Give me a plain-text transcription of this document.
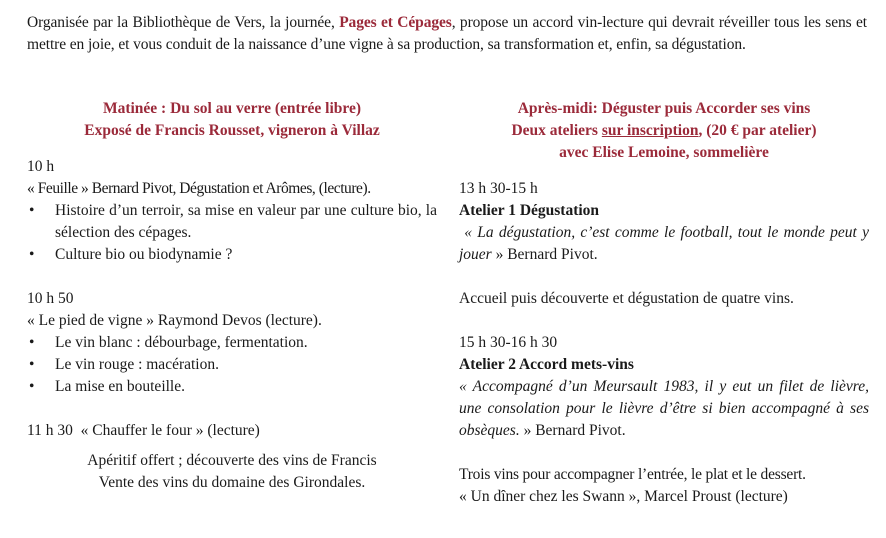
Organisée par la Bibliothèque de Vers, la journée, Pages et Cépages, propose un accord vin-lecture qui devrait réveiller tous les sens et mettre en joie, et vous conduit de la naissance d’une vigne à sa production, sa transformation et, enfin, sa dégustation.
Matinée : Du sol au verre (entrée libre)
Exposé de Francis Rousset, vigneron à Villaz

10 h

« Feuille » Bernard Pivot, Dégustation et Arômes, (lecture).

• Histoire d’un terroir, sa mise en valeur par une culture bio, la sélection des cépages.
• Culture bio ou biodynamie ?

10 h 50

« Le pied de vigne » Raymond Devos (lecture).

• Le vin blanc : débourbage, fermentation.
• Le vin rouge : macération.
• La mise en bouteille.

11 h 30  « Chauffer le four » (lecture)

Apéritif offert ; découverte des vins de Francis
Vente des vins du domaine des Girondales.
Après-midi: Déguster puis Accorder ses vins
Deux ateliers sur inscription, (20 € par atelier)
avec Elise Lemoine, sommelière

13 h 30-15 h

Atelier 1 Dégustation

« La dégustation, c’est comme le football, tout le monde peut y jouer » Bernard Pivot.

Accueil puis découverte et dégustation de quatre vins.

15 h 30-16 h 30

Atelier 2 Accord mets-vins

« Accompagné d’un Meursault 1983, il y eut un filet de lièvre, une consolation pour le lièvre d’être si bien accompagné à ses obsèques. » Bernard Pivot.

Trois vins pour accompagner l’entrée, le plat et le dessert.

« Un dîner chez les Swann », Marcel Proust (lecture)
